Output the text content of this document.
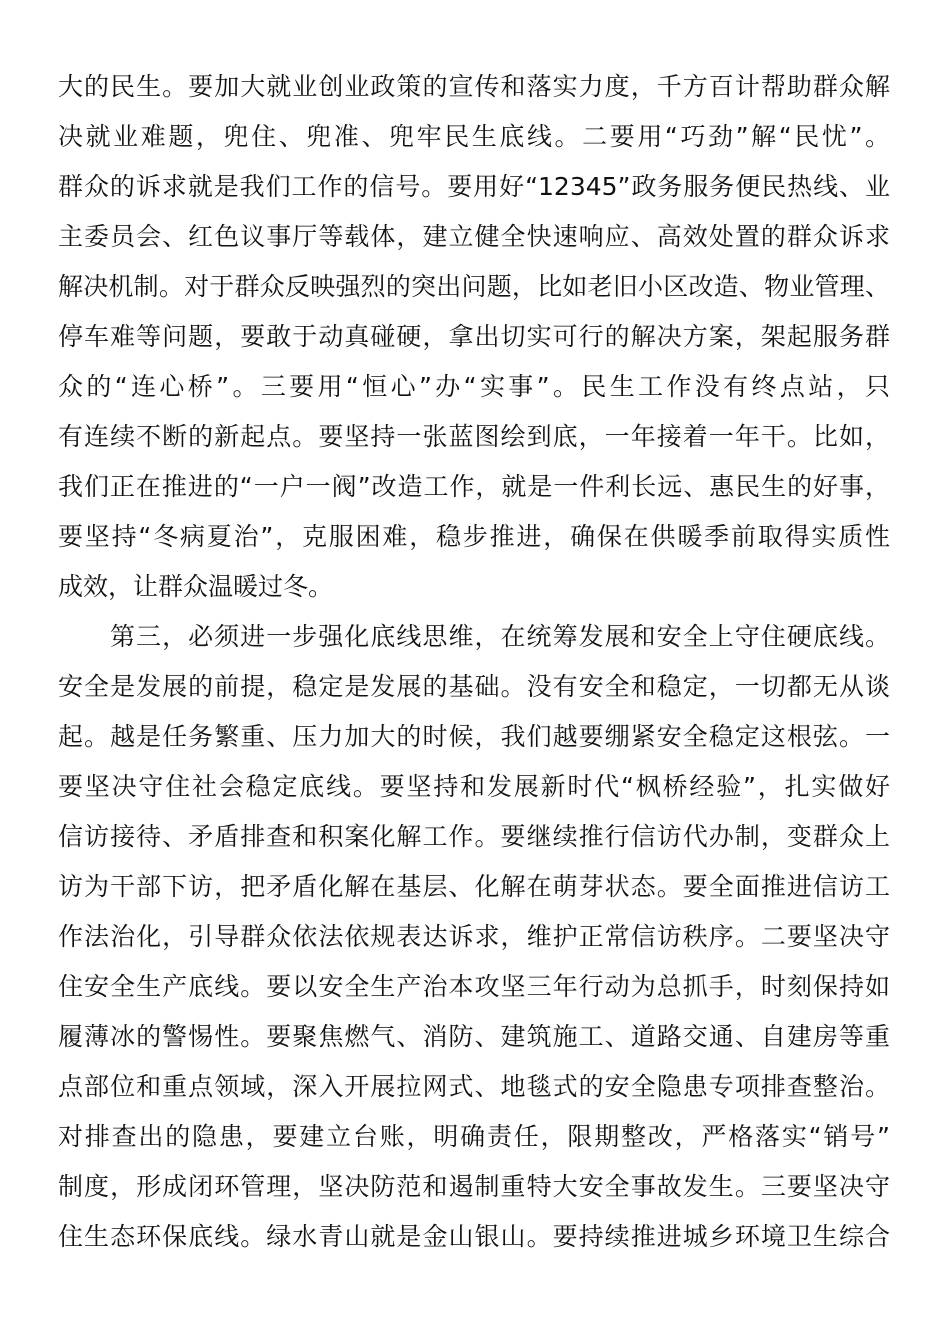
大的民生。要加大就业创业政策的宣传和落实力度，千方百计帮助群众解
决就业难题，兜住、兜准、兜牢民生底线。二要用“巧劲”解“民忧”。
群众的诉求就是我们工作的信号。要用好“12345”政务服务便民热线、业
主委员会、红色议事厅等载体，建立健全快速响应、高效处置的群众诉求
解决机制。对于群众反映强烈的突出问题，比如老旧小区改造、物业管理、
停车难等问题，要敢于动真碰硬，拿出切实可行的解决方案，架起服务群
众的“连心桥”。三要用“恒心”办“实事”。民生工作没有终点站，只
有连续不断的新起点。要坚持一张蓝图绘到底，一年接着一年干。比如，
我们正在推进的“一户一阀”改造工作，就是一件利长远、惠民生的好事，
要坚持“冬病夏治”，克服困难，稳步推进，确保在供暖季前取得实质性
成效，让群众温暖过冬。
第三，必须进一步强化底线思维，在统筹发展和安全上守住硬底线。
安全是发展的前提，稳定是发展的基础。没有安全和稳定，一切都无从谈
起。越是任务繁重、压力加大的时候，我们越要绷紧安全稳定这根弦。一
要坚决守住社会稳定底线。要坚持和发展新时代“枫桥经验”，扎实做好
信访接待、矛盾排查和积案化解工作。要继续推行信访代办制，变群众上
访为干部下访，把矛盾化解在基层、化解在萌芽状态。要全面推进信访工
作法治化，引导群众依法依规表达诉求，维护正常信访秩序。二要坚决守
住安全生产底线。要以安全生产治本攻坚三年行动为总抓手，时刻保持如
履薄冰的警惕性。要聚焦燃气、消防、建筑施工、道路交通、自建房等重
点部位和重点领域，深入开展拉网式、地毯式的安全隐患专项排查整治。
对排查出的隐患，要建立台账，明确责任，限期整改，严格落实“销号”
制度，形成闭环管理，坚决防范和遏制重特大安全事故发生。三要坚决守
住生态环保底线。绿水青山就是金山银山。要持续推进城乡环境卫生综合
